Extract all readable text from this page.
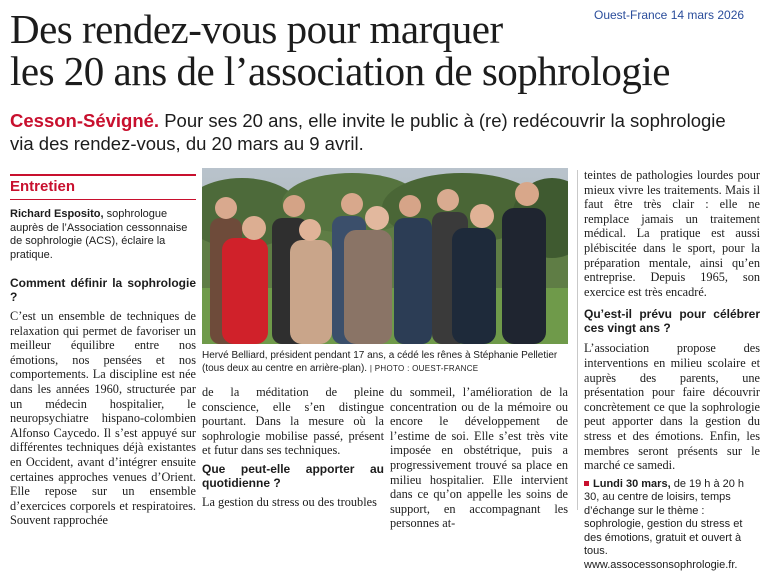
Ouest-France 14 mars 2026
Des rendez-vous pour marquer
les 20 ans de l’association de sophrologie

Cesson-Sévigné. Pour ses 20 ans, elle invite le public à (re) redécouvrir la sophrologie via des rendez-vous, du 20 mars au 9 avril.

Entretien

Richard Esposito, sophrologue auprès de l’Association cessonnaise de sophrologie (ACS), éclaire la pratique.

Comment définir la sophrologie ?

C’est un ensemble de techniques de relaxation qui permet de favoriser un meilleur équilibre entre nos émotions, nos pensées et nos comportements. La discipline est née dans les années 1960, structurée par un médecin hospitalier, le neuropsychiatre hispano-colombien Alfonso Caycedo. Il s’est appuyé sur différentes techniques déjà existantes en Occident, avant d’intégrer ensuite certaines approches venues d’Orient. Elle repose sur un ensemble d’exercices corporels et respiratoires. Souvent rapprochée

Hervé Belliard, président pendant 17 ans, a cédé les rênes à Stéphanie Pelletier (tous deux au centre en arrière-plan). | PHOTO : OUEST-FRANCE

de la méditation de pleine conscience, elle s’en distingue pourtant. Dans la mesure où la sophrologie mobilise passé, présent et futur dans ses techniques.

Que peut-elle apporter au quotidienne ?

La gestion du stress ou des troubles

du sommeil, l’amélioration de la concentration ou de la mémoire ou encore le développement de l’estime de soi. Elle s’est très vite imposée en obstétrique, puis a progressivement trouvé sa place en milieu hospitalier. Elle intervient dans ce qu’on appelle les soins de support, en accompagnant les personnes at-

teintes de pathologies lourdes pour mieux vivre les traitements. Mais il faut être très clair : elle ne remplace jamais un traitement médical. La pratique est aussi plébiscitée dans le sport, pour la préparation mentale, ainsi qu’en entreprise. Depuis 1965, son exercice est très encadré.

Qu’est-il prévu pour célébrer ces vingt ans ?

L’association propose des interventions en milieu scolaire et auprès des parents, une présentation pour faire découvrir concrètement ce que la sophrologie peut apporter dans la gestion du stress et des émotions. Enfin, les membres seront présents sur le marché ce samedi.

Lundi 30 mars, de 19 h à 20 h 30, au centre de loisirs, temps d’échange sur le thème : sophrologie, gestion du stress et des émotions, gratuit et ouvert à tous.

www.assocessonsophrologie.fr.
